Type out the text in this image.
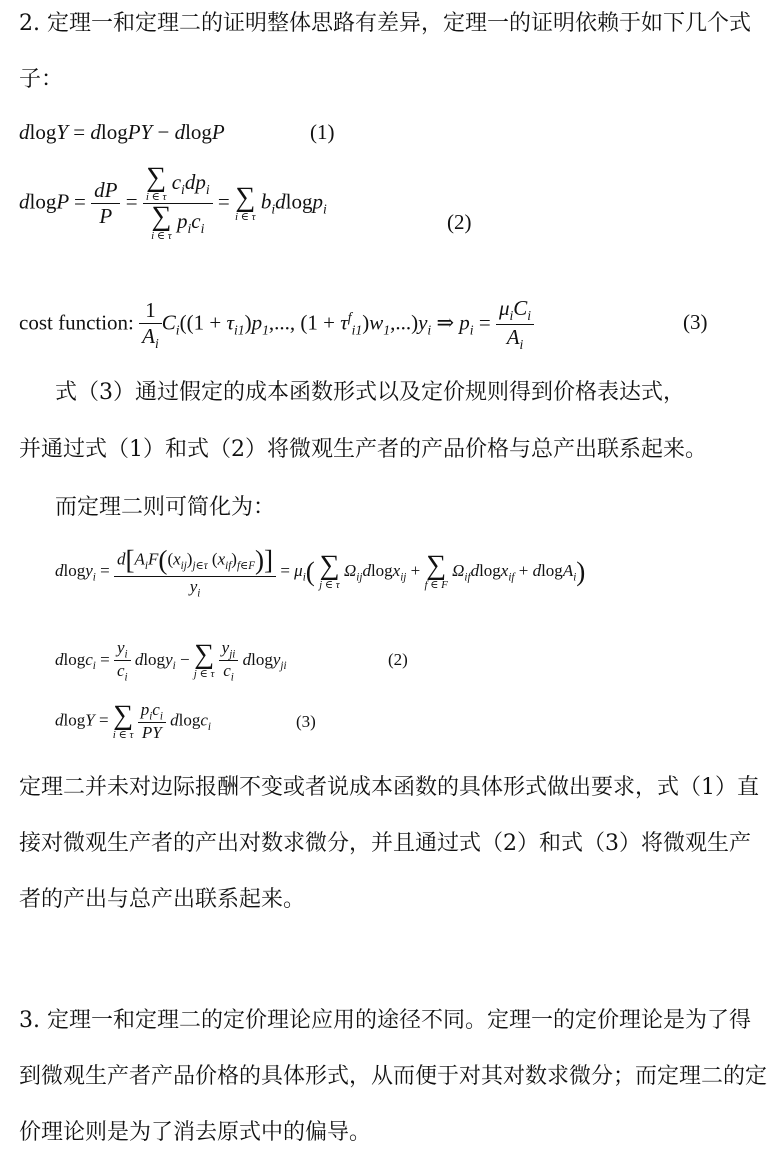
2. 定理一和定理二的证明整体思路有差异，定理一的证明依赖于如下几个式子：

dlogY = dlogPY − dlogP	(1)
$dlogP = \frac{dP}{P}$ = ∑
i ∈ τ
$c_idp_i$
∑
i ∈ τ
$p_ic_i$ = ∑
i ∈ τ
$b_idlogp_i$
(2)
cost function: $\frac{1}{A_i} C_i((1 + \tau_{i1})p_1$,..., $(1 + \tau^f_{i1})w_1,...)y_i$ ⇒ $p_i = \frac{\mu_iC_i}{A_i}$	(3)

式（3）通过假定的成本函数形式以及定价规则得到价格表达式，

并通过式（1）和式（2）将微观生产者的产品价格与总产出联系起来。

而定理二则可简化为：

$dlogy_i = \frac{d[A_iF((x_{ij})_{j\in\tau} (x_{if})_{f\in F})]}{y_i} = \mu_i$( ∑
j ∈ τ
$\Omega_{ij}dlogx_{ij}$ + ∑
f ∈ F
$\Omega_{if}dlogx_{if} + dlogA_i$)
$dlogc_i = \frac{y_i}{c_i} dlogy_i$ − ∑
j ∈ τ
$\frac{y_{ji}}{c_i} dlogy_{ji}$	(2)
dlogY = ∑
i ∈ τ
$\frac{p_ic_i}{PY} dlogc_i$	(3)

定理二并未对边际报酬不变或者说成本函数的具体形式做出要求，式（1）直接对微观生产者的产出对数求微分，并且通过式（2）和式（3）将微观生产者的产出与总产出联系起来。

3. 定理一和定理二的定价理论应用的途径不同。定理一的定价理论是为了得到微观生产者产品价格的具体形式，从而便于对其对数求微分；而定理二的定价理论则是为了消去原式中的偏导。
